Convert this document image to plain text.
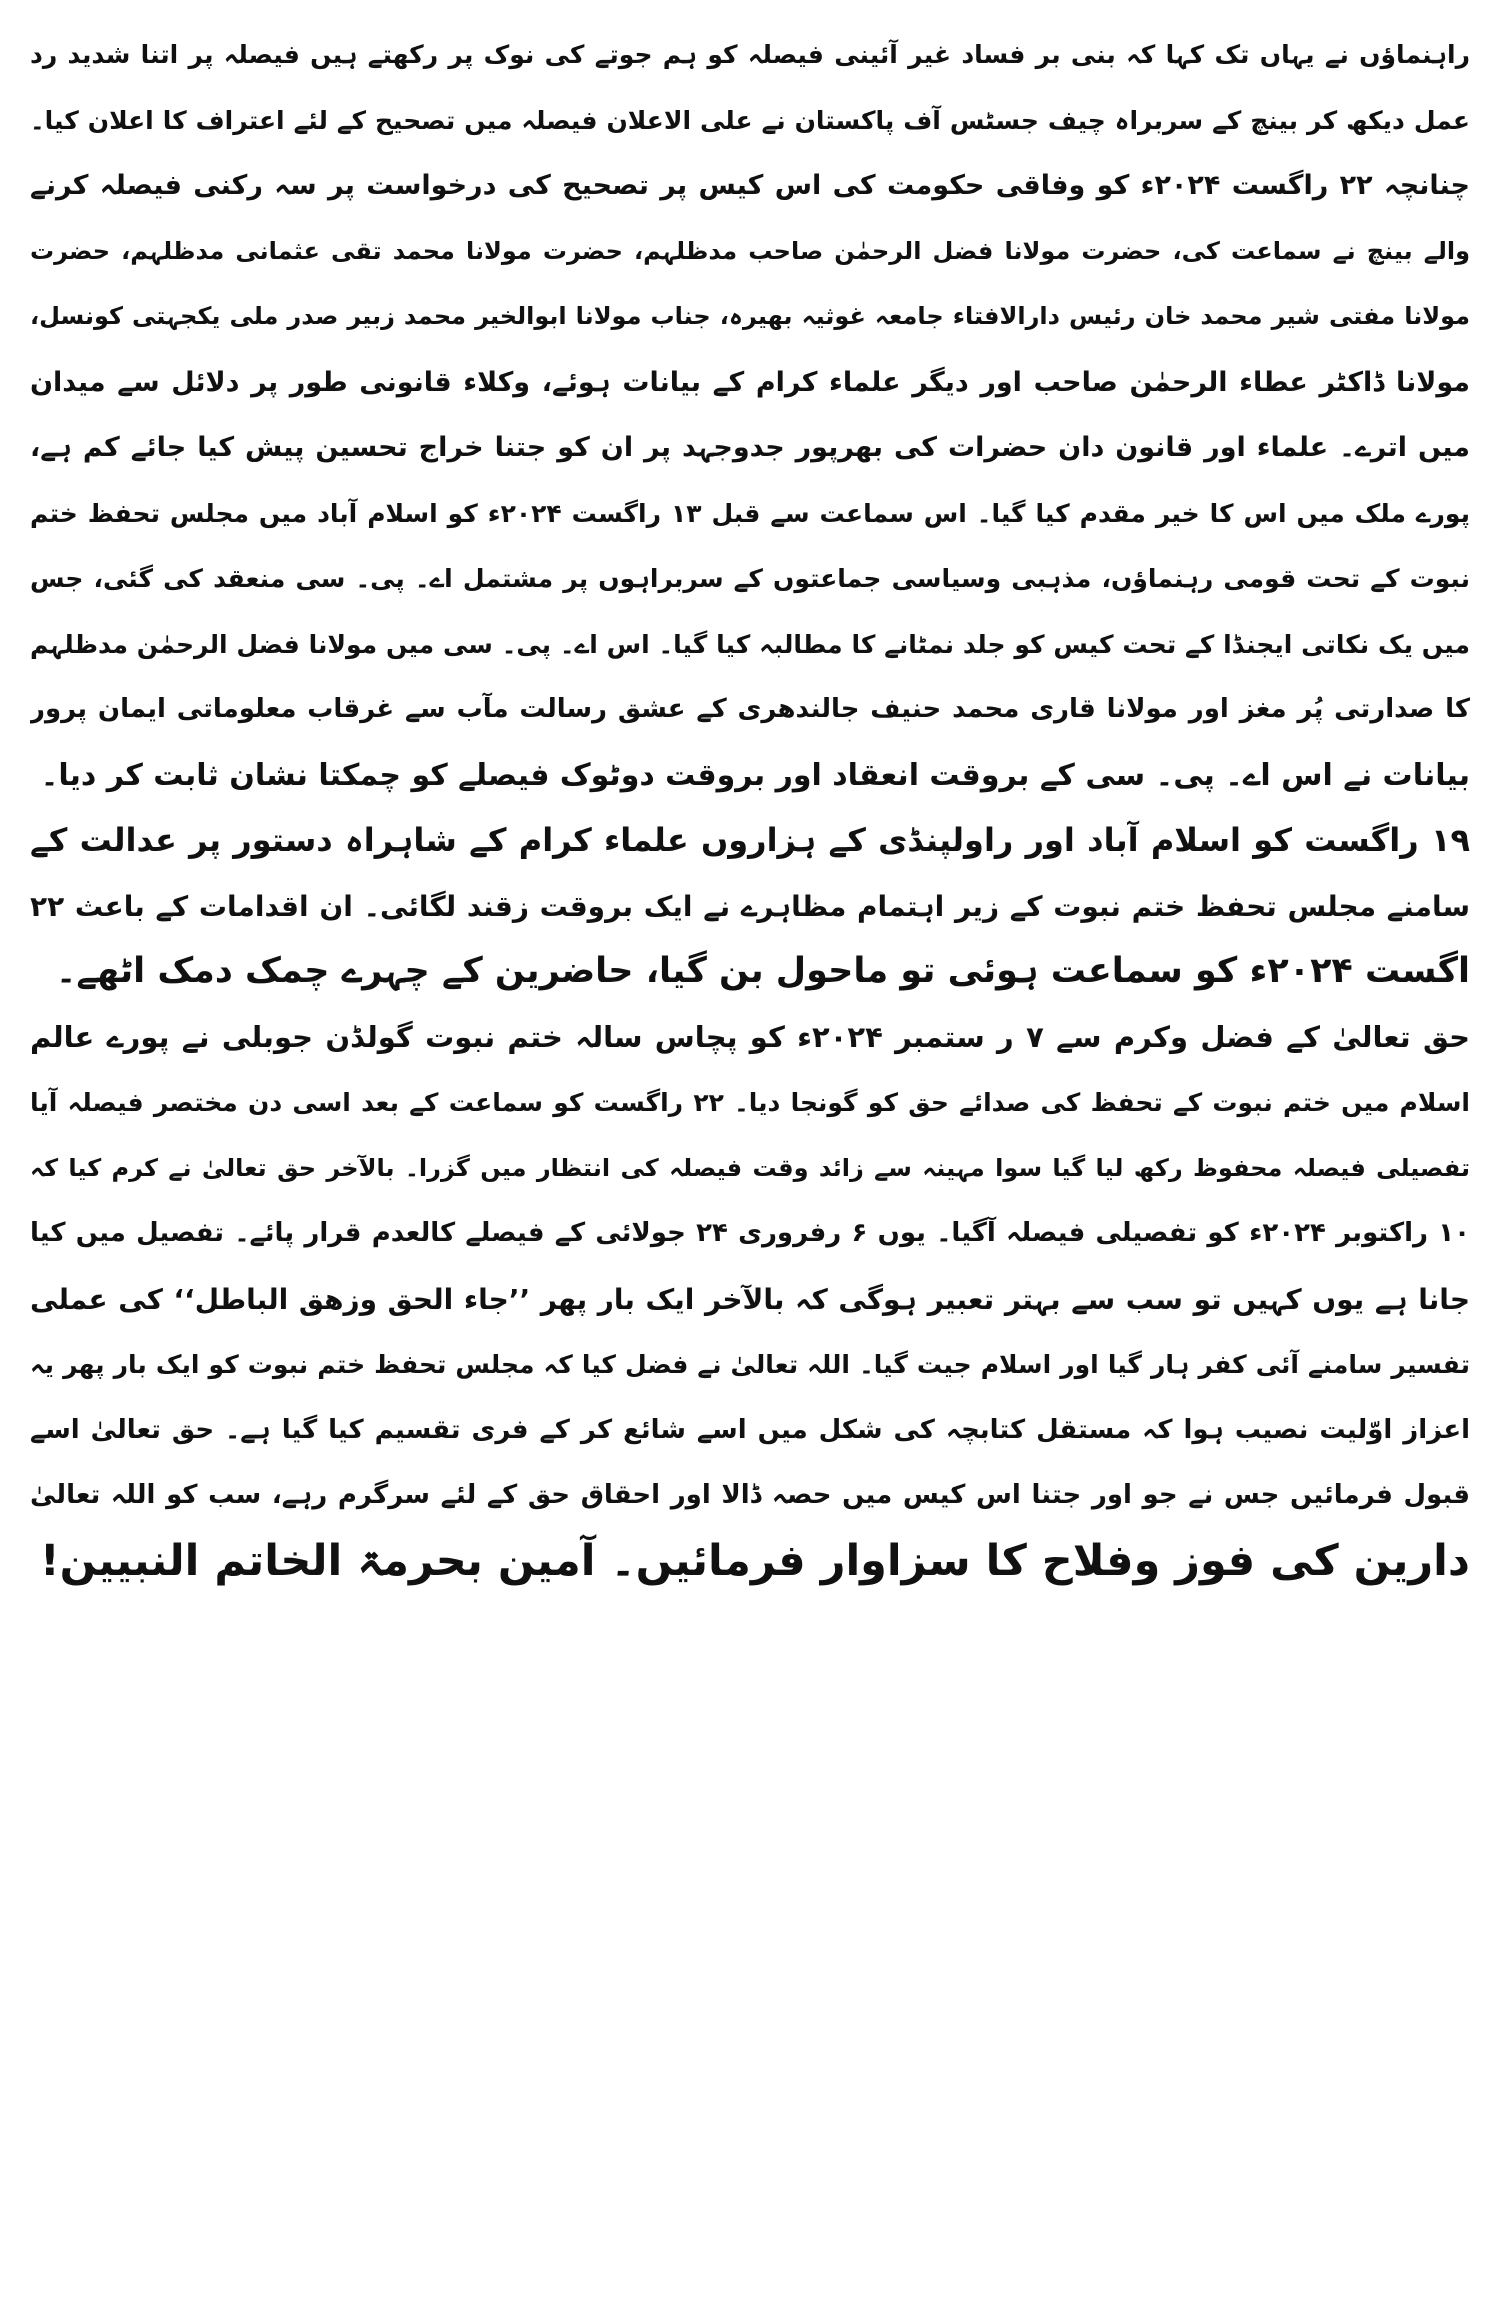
راہنماؤں نے یہاں تک کہا کہ بنی بر فساد غیر آئینی فیصلہ کو ہم جوتے کی نوک پر رکھتے ہیں فیصلہ پر اتنا شدید رد
عمل دیکھ کر بینچ کے سربراہ چیف جسٹس آف پاکستان نے علی الاعلان فیصلہ میں تصحیح کے لئے اعتراف کا اعلان کیا۔
چنانچہ ۲۲ راگست ۲۰۲۴ء کو وفاقی حکومت کی اس کیس پر تصحیح کی درخواست پر سہ رکنی فیصلہ کرنے
والے بینچ نے سماعت کی، حضرت مولانا فضل الرحمٰن صاحب مدظلہم، حضرت مولانا محمد تقی عثمانی مدظلہم، حضرت
مولانا مفتی شیر محمد خان رئیس دارالافتاء جامعہ غوثیہ بھیرہ، جناب مولانا ابوالخیر محمد زبیر صدر ملی یکجہتی کونسل،
مولانا ڈاکٹر عطاء الرحمٰن صاحب اور دیگر علماء کرام کے بیانات ہوئے، وکلاء قانونی طور پر دلائل سے میدان
میں اترے۔ علماء اور قانون دان حضرات کی بھرپور جدوجہد پر ان کو جتنا خراج تحسین پیش کیا جائے کم ہے،
پورے ملک میں اس کا خیر مقدم کیا گیا۔ اس سماعت سے قبل ۱۳ راگست ۲۰۲۴ء کو اسلام آباد میں مجلس تحفظ ختم
نبوت کے تحت قومی رہنماؤں، مذہبی وسیاسی جماعتوں کے سربراہوں پر مشتمل اے۔ پی۔ سی منعقد کی گئی، جس
میں یک نکاتی ایجنڈا کے تحت کیس کو جلد نمٹانے کا مطالبہ کیا گیا۔ اس اے۔ پی۔ سی میں مولانا فضل الرحمٰن مدظلہم
کا صدارتی پُر مغز اور مولانا قاری محمد حنیف جالندھری کے عشق رسالت مآب سے غرقاب معلوماتی ایمان پرور
بیانات نے اس اے۔ پی۔ سی کے بروقت انعقاد اور بروقت دوٹوک فیصلے کو چمکتا نشان ثابت کر دیا۔
۱۹ راگست کو اسلام آباد اور راولپنڈی کے ہزاروں علماء کرام کے شاہراہ دستور پر عدالت کے
سامنے مجلس تحفظ ختم نبوت کے زیر اہتمام مظاہرے نے ایک بروقت زقند لگائی۔ ان اقدامات کے باعث ۲۲
اگست ۲۰۲۴ء کو سماعت ہوئی تو ماحول بن گیا، حاضرین کے چہرے چمک دمک اٹھے۔
حق تعالیٰ کے فضل وکرم سے ۷ ر ستمبر ۲۰۲۴ء کو پچاس سالہ ختم نبوت گولڈن جوبلی نے پورے عالم
اسلام میں ختم نبوت کے تحفظ کی صدائے حق کو گونجا دیا۔ ۲۲ راگست کو سماعت کے بعد اسی دن مختصر فیصلہ آیا
تفصیلی فیصلہ محفوظ رکھ لیا گیا سوا مہینہ سے زائد وقت فیصلہ کی انتظار میں گزرا۔ بالآخر حق تعالیٰ نے کرم کیا کہ
۱۰ راکتوبر ۲۰۲۴ء کو تفصیلی فیصلہ آگیا۔ یوں ۶ رفروری ۲۴ جولائی کے فیصلے کالعدم قرار پائے۔ تفصیل میں کیا
جانا ہے یوں کہیں تو سب سے بہتر تعبیر ہوگی کہ بالآخر ایک بار پھر ’’جاء الحق وزھق الباطل‘‘ کی عملی
تفسیر سامنے آئی کفر ہار گیا اور اسلام جیت گیا۔ اللہ تعالیٰ نے فضل کیا کہ مجلس تحفظ ختم نبوت کو ایک بار پھر یہ
اعزاز اوّلیت نصیب ہوا کہ مستقل کتابچہ کی شکل میں اسے شائع کر کے فری تقسیم کیا گیا ہے۔ حق تعالیٰ اسے
قبول فرمائیں جس نے جو اور جتنا اس کیس میں حصہ ڈالا اور احقاق حق کے لئے سرگرم رہے، سب کو اللہ تعالیٰ
دارین کی فوز وفلاح کا سزاوار فرمائیں۔ آمین بحرمۃ الخاتم النبیین!
